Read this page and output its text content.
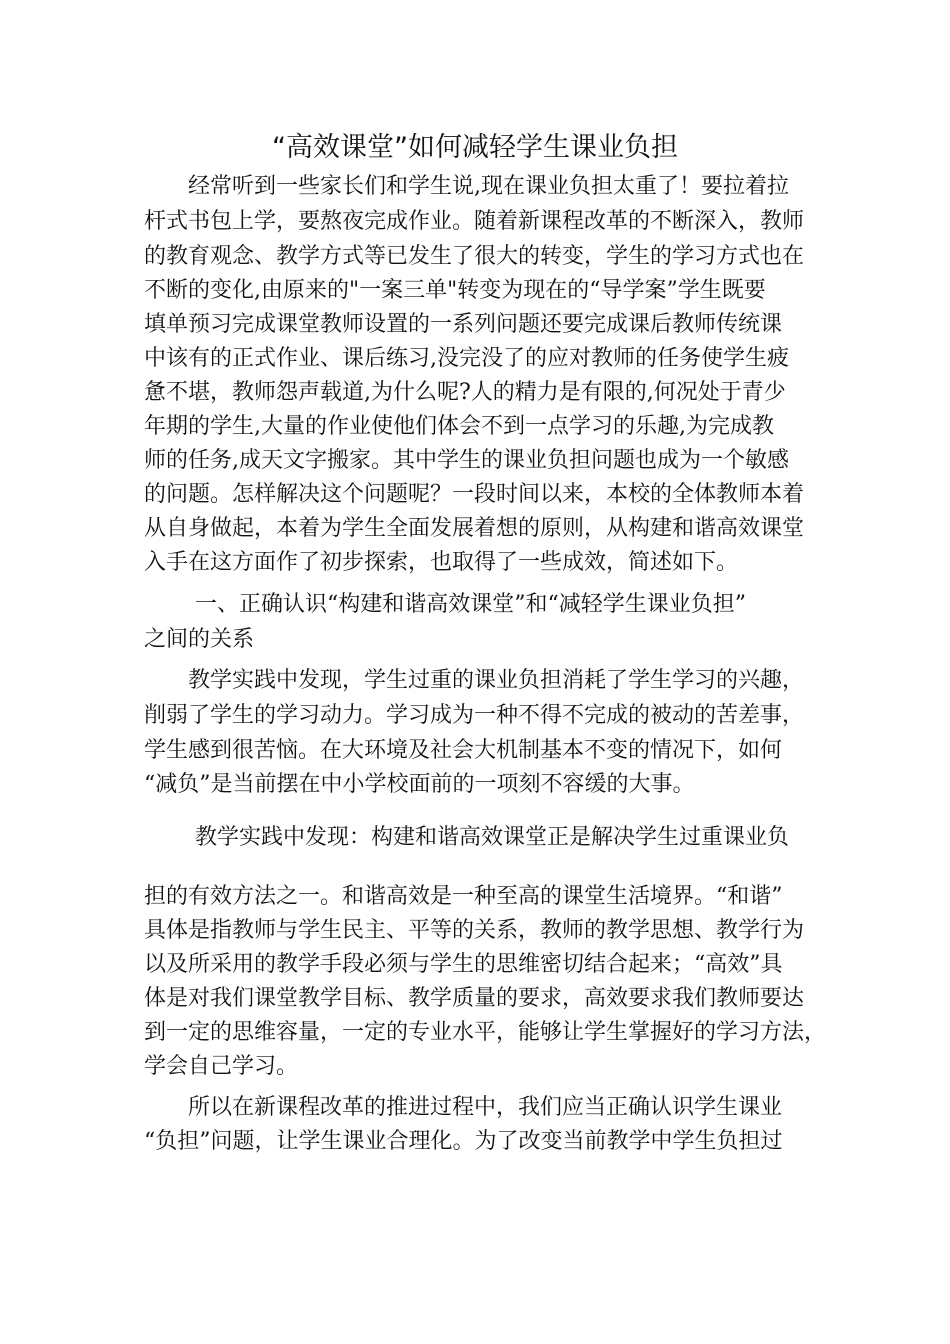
“高效课堂”如何减轻学生课业负担
　　经常听到一些家长们和学生说,现在课业负担太重了！要拉着拉
杆式书包上学，要熬夜完成作业。随着新课程改革的不断深入，教师
的教育观念、教学方式等已发生了很大的转变，学生的学习方式也在
不断的变化,由原来的"一案三单"转变为现在的“导学案”学生既要
填单预习完成课堂教师设置的一系列问题还要完成课后教师传统课
中该有的正式作业、课后练习,没完没了的应对教师的任务使学生疲
惫不堪，教师怨声载道,为什么呢?人的精力是有限的,何况处于青少
年期的学生,大量的作业使他们体会不到一点学习的乐趣,为完成教
师的任务,成天文字搬家。其中学生的课业负担问题也成为一个敏感
的问题。怎样解决这个问题呢？一段时间以来，本校的全体教师本着
从自身做起，本着为学生全面发展着想的原则，从构建和谐高效课堂
入手在这方面作了初步探索，也取得了一些成效，简述如下。
　　 一、正确认识“构建和谐高效课堂”和“减轻学生课业负担”
之间的关系
　　教学实践中发现，学生过重的课业负担消耗了学生学习的兴趣，
削弱了学生的学习动力。学习成为一种不得不完成的被动的苦差事，
学生感到很苦恼。在大环境及社会大机制基本不变的情况下，如何
“减负”是当前摆在中小学校面前的一项刻不容缓的大事。
　　 教学实践中发现：构建和谐高效课堂正是解决学生过重课业负
担的有效方法之一。和谐高效是一种至高的课堂生活境界。“和谐”
具体是指教师与学生民主、平等的关系，教师的教学思想、教学行为
以及所采用的教学手段必须与学生的思维密切结合起来；“高效”具
体是对我们课堂教学目标、教学质量的要求，高效要求我们教师要达
到一定的思维容量，一定的专业水平，能够让学生掌握好的学习方法，
学会自己学习。
　　所以在新课程改革的推进过程中，我们应当正确认识学生课业
“负担”问题，让学生课业合理化。为了改变当前教学中学生负担过
